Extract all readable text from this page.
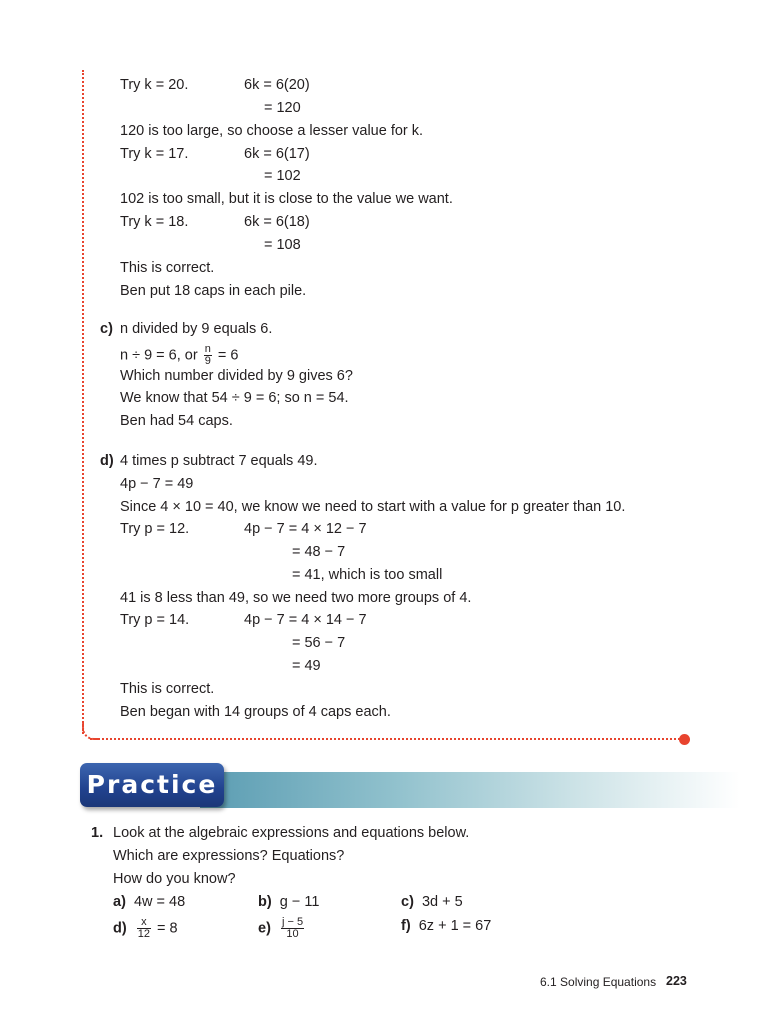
Try k = 20.	6k = 6(20)
= 120
120 is too large, so choose a lesser value for k.
Try k = 17.	6k = 6(17)
= 102
102 is too small, but it is close to the value we want.
Try k = 18.	6k = 6(18)
= 108
This is correct.
Ben put 18 caps in each pile.
c) n divided by 9 equals 6.
n ÷ 9 = 6, or $\frac{n}{9} = 6$
Which number divided by 9 gives 6?
We know that 54 ÷ 9 = 6; so n = 54.
Ben had 54 caps.
d) 4 times p subtract 7 equals 49.
4p − 7 = 49
Since 4 × 10 = 40, we know we need to start with a value for p greater than 10.
Try p = 12.	4p − 7 = 4 × 12 − 7
= 48 − 7
= 41, which is too small
41 is 8 less than 49, so we need two more groups of 4.
Try p = 14.	4p − 7 = 4 × 14 − 7
= 56 − 7
= 49
This is correct.
Ben began with 14 groups of 4 caps each.
Practice
1. Look at the algebraic expressions and equations below.
Which are expressions? Equations?
How do you know?
a) 4w = 48	b) g − 11	c) 3d + 5
$d) \frac{x}{12} = 8$	$e) \frac{j - 5}{10}$	f) 6z + 1 = 67
6.1 Solving Equations 223
